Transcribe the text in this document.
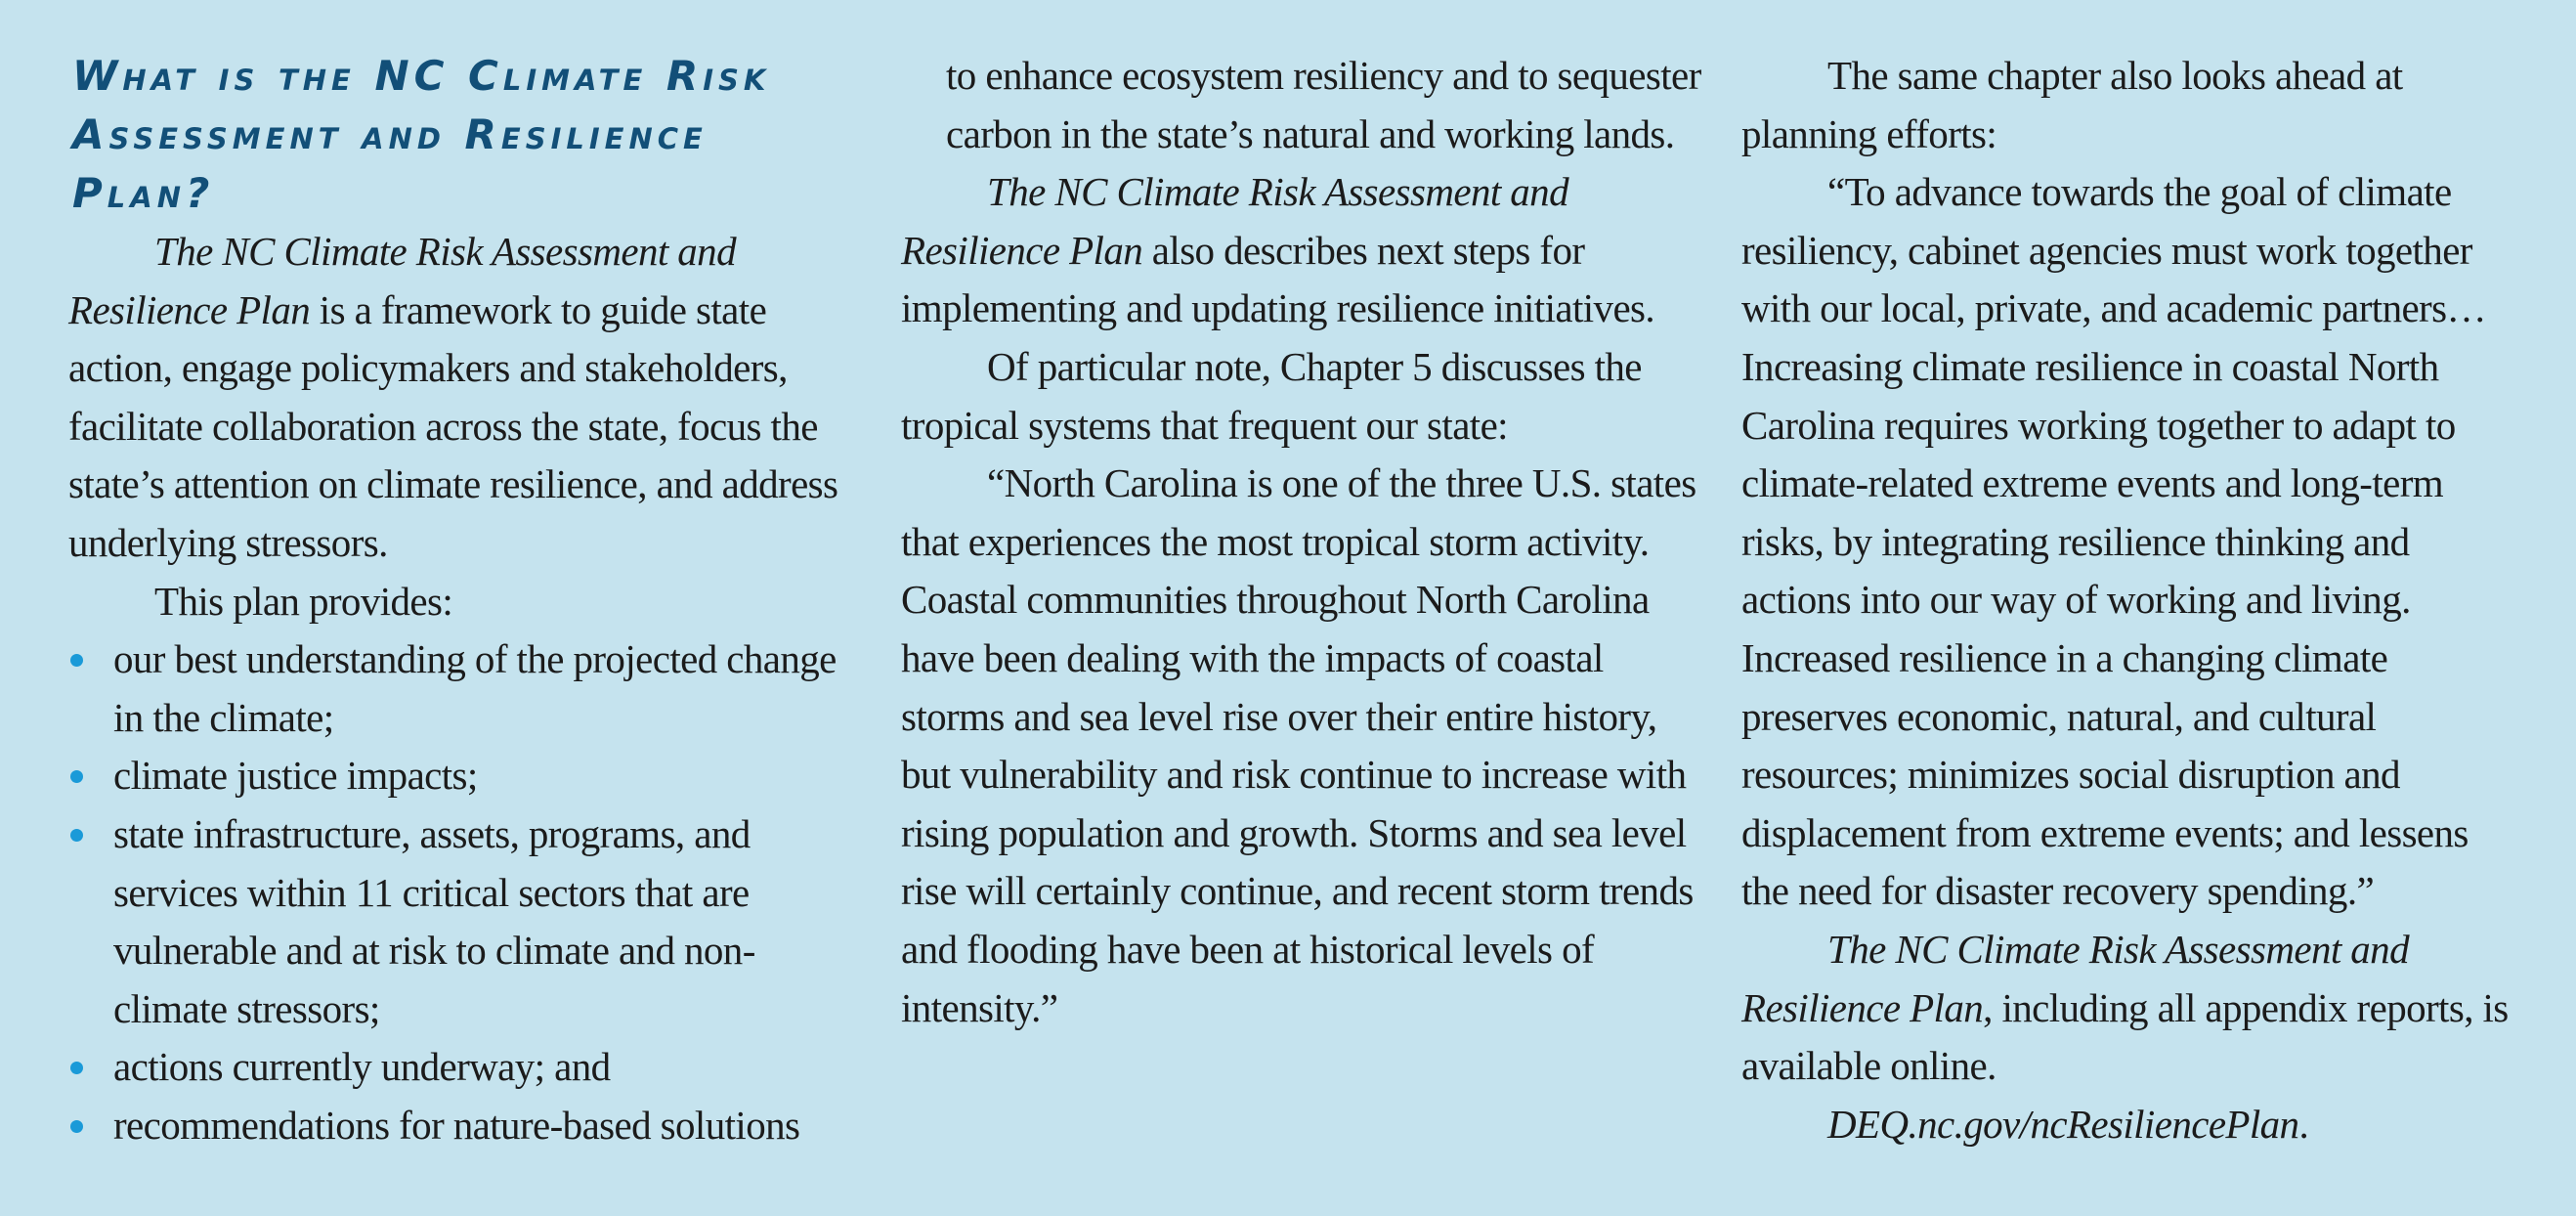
What is the NC Climate Risk Assessment and Resilience Plan?

The NC Climate Risk Assessment and Resilience Plan is a framework to guide state action, engage policymakers and stakeholders, facilitate collaboration across the state, focus the state’s attention on climate resilience, and address underlying stressors.

This plan provides:

our best understanding of the projected change in the climate;
climate justice impacts;
state infrastructure, assets, programs, and services within 11 critical sectors that are vulnerable and at risk to climate and non-climate stressors;
actions currently underway; and
recommendations for nature-based solutions

to enhance ecosystem resiliency and to sequester carbon in the state’s natural and working lands.

The NC Climate Risk Assessment and Resilience Plan also describes next steps for implementing and updating resilience initiatives.

Of particular note, Chapter 5 discusses the tropical systems that frequent our state:

“North Carolina is one of the three U.S. states that experiences the most tropical storm activity. Coastal communities throughout North Carolina have been dealing with the impacts of coastal storms and sea level rise over their entire history, but vulnerability and risk continue to increase with rising population and growth. Storms and sea level rise will certainly continue, and recent storm trends and flooding have been at historical levels of intensity.”

The same chapter also looks ahead at planning efforts:

“To advance towards the goal of climate resiliency, cabinet agencies must work together with our local, private, and academic partners… Increasing climate resilience in coastal North Carolina requires working together to adapt to climate-related extreme events and long-term risks, by integrating resilience thinking and actions into our way of working and living. Increased resilience in a changing climate preserves economic, natural, and cultural resources; minimizes social disruption and displacement from extreme events; and lessens the need for disaster recovery spending.”

The NC Climate Risk Assessment and Resilience Plan, including all appendix reports, is available online.

DEQ.nc.gov/ncResiliencePlan.
